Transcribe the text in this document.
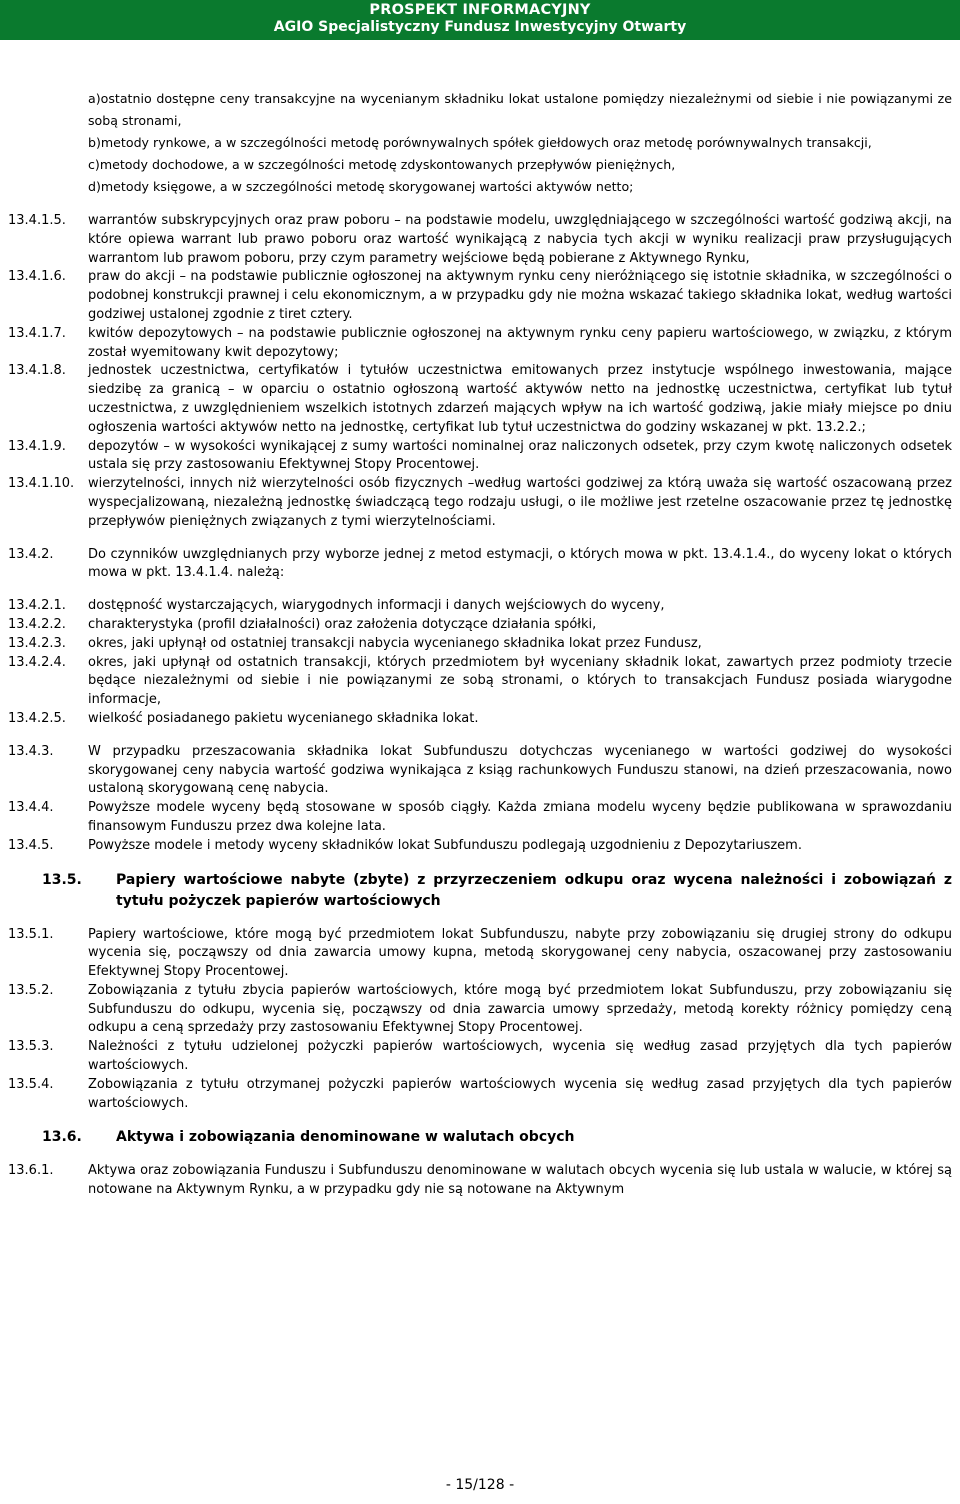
PROSPEKT INFORMACYJNY
AGIO Specjalistyczny Fundusz Inwestycyjny Otwarty
a)ostatnio dostępne ceny transakcyjne na wycenianym składniku lokat ustalone pomiędzy niezależnymi od siebie i nie powiązanymi ze sobą stronami,
b)metody rynkowe, a w szczególności metodę porównywalnych spółek giełdowych oraz metodę porównywalnych transakcji,
c)metody dochodowe, a w szczególności metodę zdyskontowanych przepływów pieniężnych,
d)metody księgowe, a w szczególności metodę skorygowanej wartości aktywów netto;
13.4.1.5.	warrantów subskrypcyjnych oraz praw poboru – na podstawie modelu, uwzględniającego w szczególności wartość godziwą akcji, na które opiewa warrant lub prawo poboru oraz wartość wynikającą z nabycia tych akcji w wyniku realizacji praw przysługujących warrantom lub prawom poboru, przy czym parametry wejściowe będą pobierane z Aktywnego Rynku,
13.4.1.6.	praw do akcji – na podstawie publicznie ogłoszonej na aktywnym rynku ceny nieróżniącego się istotnie składnika, w szczególności o podobnej konstrukcji prawnej i celu ekonomicznym, a w przypadku gdy nie można wskazać takiego składnika lokat, według wartości godziwej ustalonej zgodnie z tiret cztery.
13.4.1.7.	kwitów depozytowych – na podstawie publicznie ogłoszonej na aktywnym rynku ceny papieru wartościowego, w związku, z którym został wyemitowany kwit depozytowy;
13.4.1.8.	jednostek uczestnictwa, certyfikatów i tytułów uczestnictwa emitowanych przez instytucje wspólnego inwestowania, mające siedzibę za granicą – w oparciu o ostatnio ogłoszoną wartość aktywów netto na jednostkę uczestnictwa, certyfikat lub tytuł uczestnictwa, z uwzględnieniem wszelkich istotnych zdarzeń mających wpływ na ich wartość godziwą, jakie miały miejsce po dniu ogłoszenia wartości aktywów netto na jednostkę, certyfikat lub tytuł uczestnictwa do godziny wskazanej w pkt. 13.2.2.;
13.4.1.9.	depozytów – w wysokości wynikającej z sumy wartości nominalnej oraz naliczonych odsetek, przy czym kwotę naliczonych odsetek ustala się przy zastosowaniu Efektywnej Stopy Procentowej.
13.4.1.10.	wierzytelności, innych niż wierzytelności osób fizycznych –według wartości godziwej za którą uważa się wartość oszacowaną przez wyspecjalizowaną, niezależną jednostkę świadczącą tego rodzaju usługi, o ile możliwe jest rzetelne oszacowanie przez tę jednostkę przepływów pieniężnych związanych z tymi wierzytelnościami.
13.4.2.	Do czynników uwzględnianych przy wyborze jednej z metod estymacji, o których mowa w pkt. 13.4.1.4., do wyceny lokat o których mowa w pkt. 13.4.1.4. należą:
13.4.2.1.	dostępność wystarczających, wiarygodnych informacji i danych wejściowych do wyceny,
13.4.2.2.	charakterystyka (profil działalności) oraz założenia dotyczące działania spółki,
13.4.2.3.	okres, jaki upłynął od ostatniej transakcji nabycia wycenianego składnika lokat przez Fundusz,
13.4.2.4.	okres, jaki upłynął od ostatnich transakcji, których przedmiotem był wyceniany składnik lokat, zawartych przez podmioty trzecie będące niezależnymi od siebie i nie powiązanymi ze sobą stronami, o których to transakcjach Fundusz posiada wiarygodne informacje,
13.4.2.5.	wielkość posiadanego pakietu wycenianego składnika lokat.
13.4.3.	W przypadku przeszacowania składnika lokat Subfunduszu dotychczas wycenianego w wartości godziwej do wysokości skorygowanej ceny nabycia wartość godziwa wynikająca z ksiąg rachunkowych Funduszu stanowi, na dzień przeszacowania, nowo ustaloną skorygowaną cenę nabycia.
13.4.4.	Powyższe modele wyceny będą stosowane w sposób ciągły. Każda zmiana modelu wyceny będzie publikowana w sprawozdaniu finansowym Funduszu przez dwa kolejne lata.
13.4.5.	Powyższe modele i metody wyceny składników lokat Subfunduszu podlegają uzgodnieniu z Depozytariuszem.
13.5.	Papiery wartościowe nabyte (zbyte) z przyrzeczeniem odkupu oraz wycena należności i zobowiązań z tytułu pożyczek papierów wartościowych
13.5.1.	Papiery wartościowe, które mogą być przedmiotem lokat Subfunduszu, nabyte przy zobowiązaniu się drugiej strony do odkupu wycenia się, począwszy od dnia zawarcia umowy kupna, metodą skorygowanej ceny nabycia, oszacowanej przy zastosowaniu Efektywnej Stopy Procentowej.
13.5.2.	Zobowiązania z tytułu zbycia papierów wartościowych, które mogą być przedmiotem lokat Subfunduszu, przy zobowiązaniu się Subfunduszu do odkupu, wycenia się, począwszy od dnia zawarcia umowy sprzedaży, metodą korekty różnicy pomiędzy ceną odkupu a ceną sprzedaży przy zastosowaniu Efektywnej Stopy Procentowej.
13.5.3.	Należności z tytułu udzielonej pożyczki papierów wartościowych, wycenia się według zasad przyjętych dla tych papierów wartościowych.
13.5.4.	Zobowiązania z tytułu otrzymanej pożyczki papierów wartościowych wycenia się według zasad przyjętych dla tych papierów wartościowych.
13.6.	Aktywa i zobowiązania denominowane w walutach obcych
13.6.1.	Aktywa oraz zobowiązania Funduszu i Subfunduszu denominowane w walutach obcych wycenia się lub ustala w walucie, w której są notowane na Aktywnym Rynku, a w przypadku gdy nie są notowane na Aktywnym
- 15/128 -
